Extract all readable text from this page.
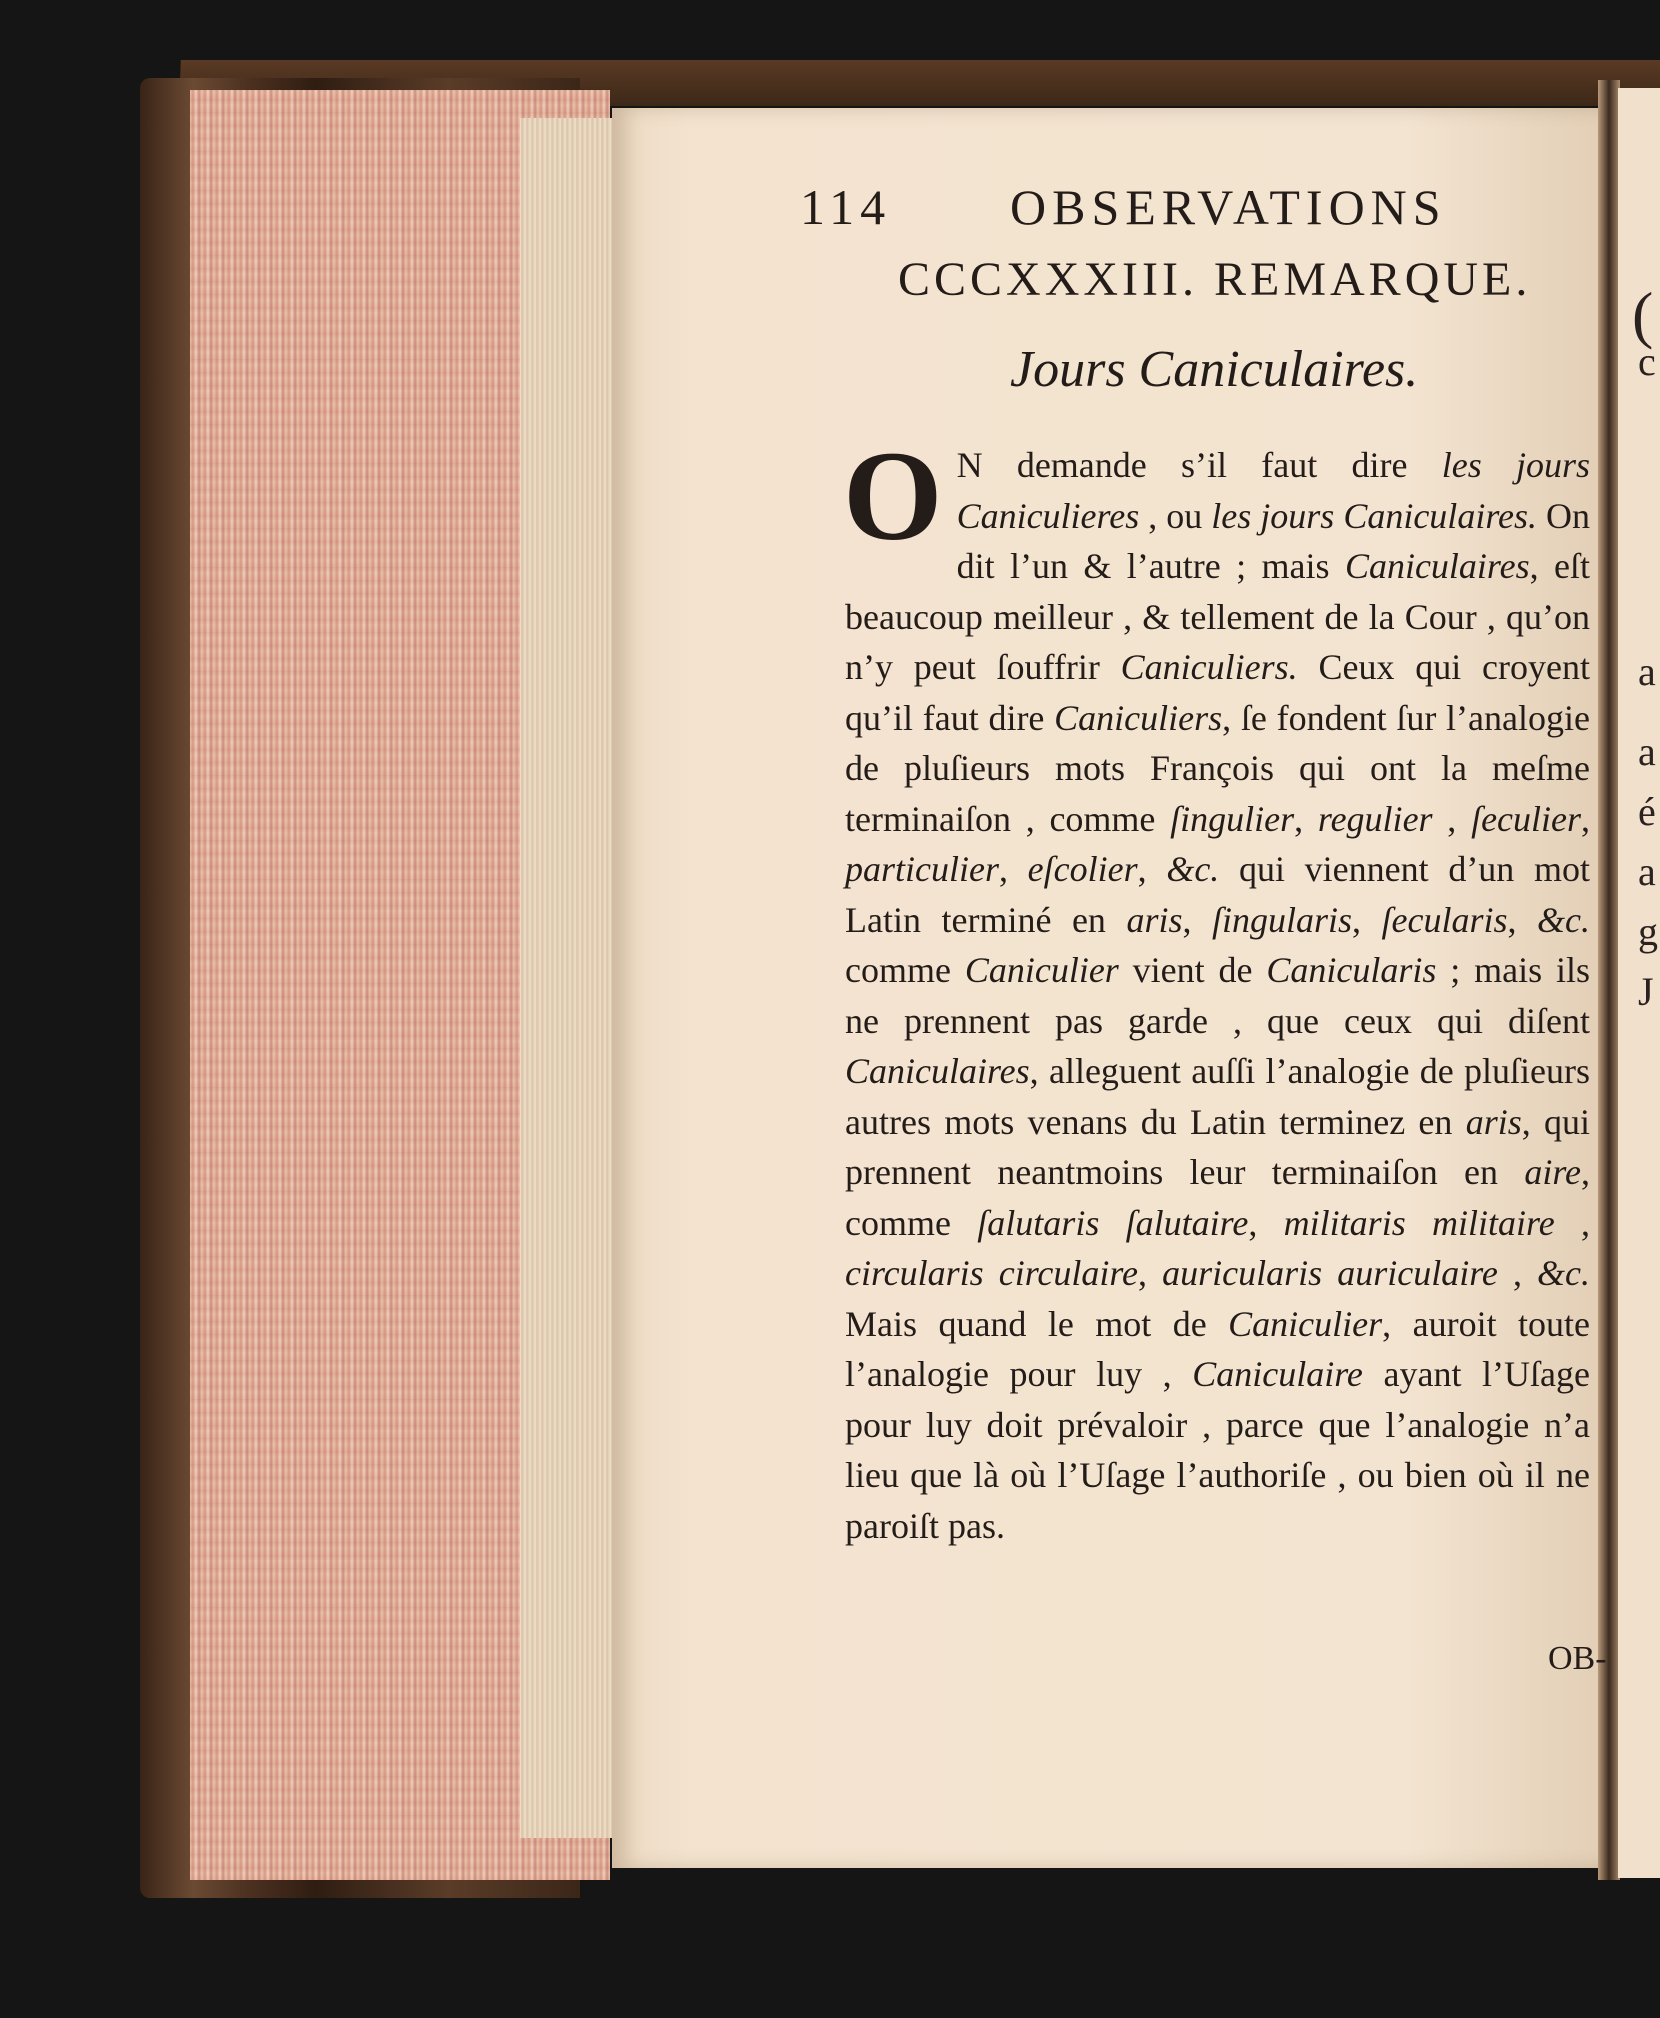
(
c
a
a
é
a
g
J
114 OBSERVATIONS
CCCXXXIII. REMARQUE.
Jours Caniculaires.
O N demande s’il faut dire les jours Caniculieres , ou les jours Caniculaires. On dit l’un & l’autre ; mais Caniculaires, eſt beaucoup meilleur , & tellement de la Cour , qu’on n’y peut ſouffrir Caniculiers. Ceux qui croyent qu’il faut dire Caniculiers, ſe fondent ſur l’analogie de pluſieurs mots François qui ont la meſme terminaiſon , comme ſingulier, regulier , ſeculier, particulier, eſcolier, &c. qui viennent d’un mot Latin terminé en aris, ſingularis, ſecularis, &c. comme Caniculier vient de Canicularis ; mais ils ne prennent pas garde , que ceux qui diſent Caniculaires, alleguent auſſi l’analogie de pluſieurs autres mots venans du Latin terminez en aris, qui prennent neantmoins leur terminaiſon en aire, comme ſalutaris ſalutaire, militaris militaire , circularis circulaire, auricularis auriculaire , &c. Mais quand le mot de Caniculier, auroit toute l’analogie pour luy , Caniculaire ayant l’Uſage pour luy doit prévaloir , parce que l’analogie n’a lieu que là où l’Uſage l’authoriſe , ou bien où il ne paroiſt pas.
OB-
